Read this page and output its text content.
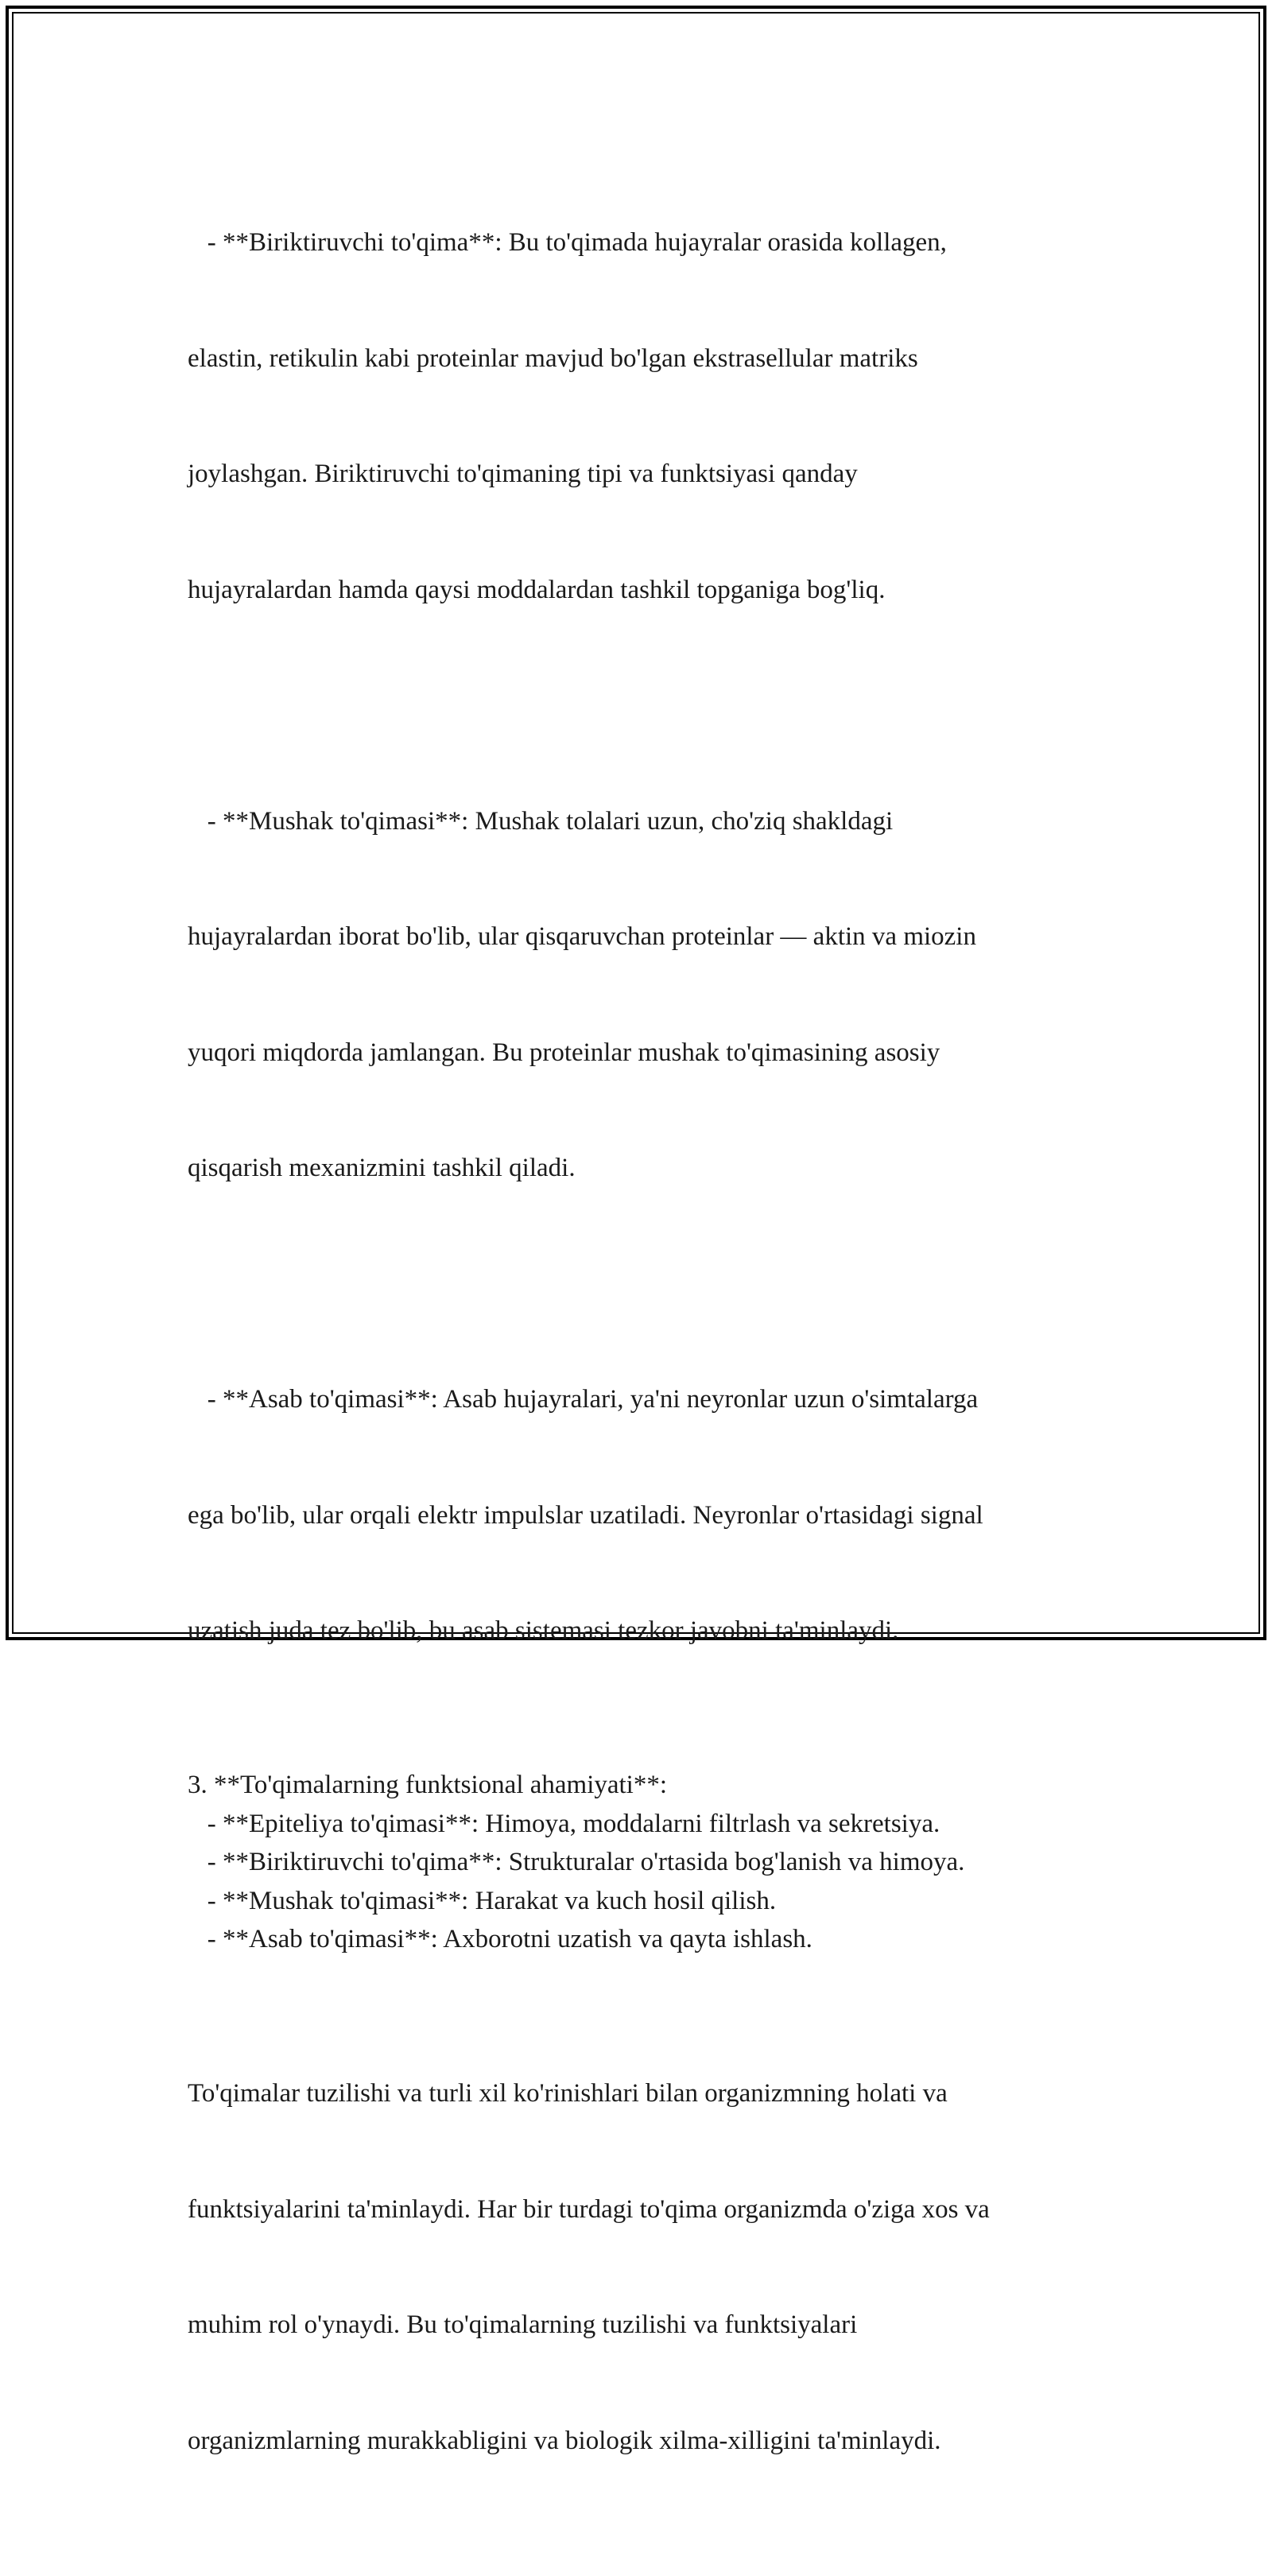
- **Biriktiruvchi to'qima**: Bu to'qimada hujayralar orasida kollagen,

elastin, retikulin kabi proteinlar mavjud bo'lgan ekstrasellular matriks

joylashgan. Biriktiruvchi to'qimaning tipi va funktsiyasi qanday

hujayralardan hamda qaysi moddalardan tashkil topganiga bog'liq.

- **Mushak to'qimasi**: Mushak tolalari uzun, cho'ziq shakldagi

hujayralardan iborat bo'lib, ular qisqaruvchan proteinlar — aktin va miozin

yuqori miqdorda jamlangan. Bu proteinlar mushak to'qimasining asosiy

qisqarish mexanizmini tashkil qiladi.

- **Asab to'qimasi**: Asab hujayralari, ya'ni neyronlar uzun o'simtalarga

ega bo'lib, ular orqali elektr impulslar uzatiladi. Neyronlar o'rtasidagi signal

uzatish juda tez bo'lib, bu asab sistemasi tezkor javobni ta'minlaydi.

3. **To'qimalarning funktsional ahamiyati**:
- **Epiteliya to'qimasi**: Himoya, moddalarni filtrlash va sekretsiya.
- **Biriktiruvchi to'qima**: Strukturalar o'rtasida bog'lanish va himoya.
- **Mushak to'qimasi**: Harakat va kuch hosil qilish.
- **Asab to'qimasi**: Axborotni uzatish va qayta ishlash.

To'qimalar tuzilishi va turli xil ko'rinishlari bilan organizmning holati va

funktsiyalarini ta'minlaydi. Har bir turdagi to'qima organizmda o'ziga xos va

muhim rol o'ynaydi. Bu to'qimalarning tuzilishi va funktsiyalari

organizmlarning murakkabligini va biologik xilma-xilligini ta'minlaydi.
